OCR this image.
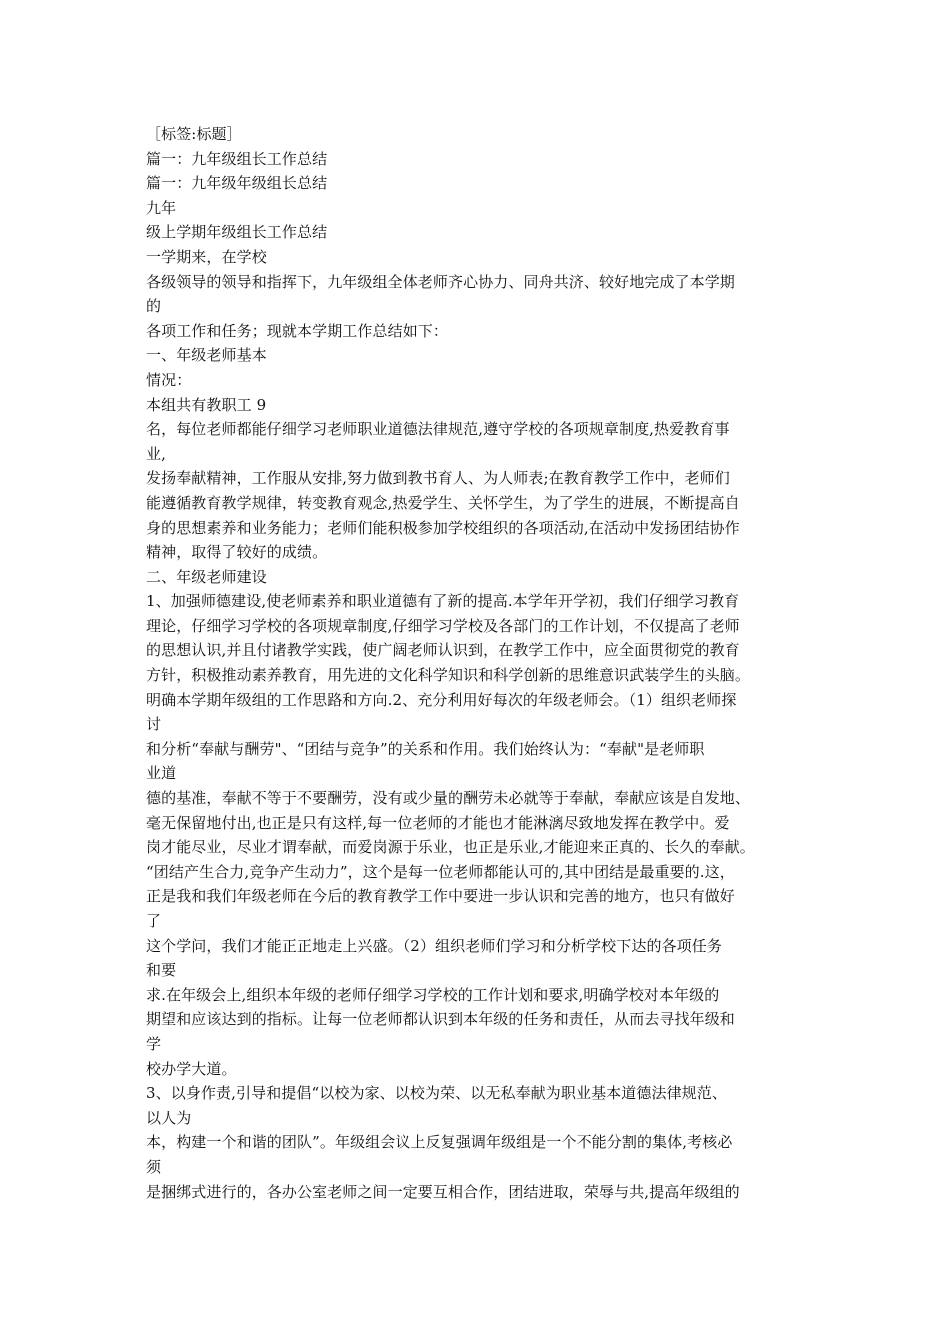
［标签:标题］
篇一：九年级组长工作总结
篇一：九年级年级组长总结
九年
级上学期年级组长工作总结
一学期来，在学校
各级领导的领导和指挥下，九年级组全体老师齐心协力、同舟共济、较好地完成了本学期
的
各项工作和任务；现就本学期工作总结如下：
一、年级老师基本
情况：
本组共有教职工 9
名，每位老师都能仔细学习老师职业道德法律规范,遵守学校的各项规章制度,热爱教育事
业,
发扬奉献精神，工作服从安排,努力做到教书育人、为人师表;在教育教学工作中，老师们
能遵循教育教学规律，转变教育观念,热爱学生、关怀学生，为了学生的进展，不断提高自
身的思想素养和业务能力；老师们能积极参加学校组织的各项活动,在活动中发扬团结协作
精神，取得了较好的成绩。
二、年级老师建设
1、加强师德建设,使老师素养和职业道德有了新的提高.本学年开学初，我们仔细学习教育
理论，仔细学习学校的各项规章制度,仔细学习学校及各部门的工作计划，不仅提高了老师
的思想认识,并且付诸教学实践，使广阔老师认识到，在教学工作中，应全面贯彻党的教育
方针，积极推动素养教育，用先进的文化科学知识和科学创新的思维意识武装学生的头脑。
明确本学期年级组的工作思路和方向.2、充分利用好每次的年级老师会。（1）组织老师探
讨
和分析“奉献与酬劳"、“团结与竞争”的关系和作用。我们始终认为：“奉献"是老师职
业道
德的基准，奉献不等于不要酬劳，没有或少量的酬劳未必就等于奉献，奉献应该是自发地、
毫无保留地付出,也正是只有这样,每一位老师的才能也才能淋漓尽致地发挥在教学中。爱
岗才能尽业，尽业才谓奉献，而爱岗源于乐业，也正是乐业,才能迎来正真的、长久的奉献。
“团结产生合力,竞争产生动力”，这个是每一位老师都能认可的,其中团结是最重要的.这，
正是我和我们年级老师在今后的教育教学工作中要进一步认识和完善的地方，也只有做好
了
这个学问，我们才能正正地走上兴盛。（2）组织老师们学习和分析学校下达的各项任务
和要
求.在年级会上,组织本年级的老师仔细学习学校的工作计划和要求,明确学校对本年级的
期望和应该达到的指标。让每一位老师都认识到本年级的任务和责任，从而去寻找年级和
学
校办学大道。
3、以身作责,引导和提倡“以校为家、以校为荣、以无私奉献为职业基本道德法律规范、
以人为
本，构建一个和谐的团队”。年级组会议上反复强调年级组是一个不能分割的集体,考核必
须
是捆绑式进行的，各办公室老师之间一定要互相合作，团结进取，荣辱与共,提高年级组的
